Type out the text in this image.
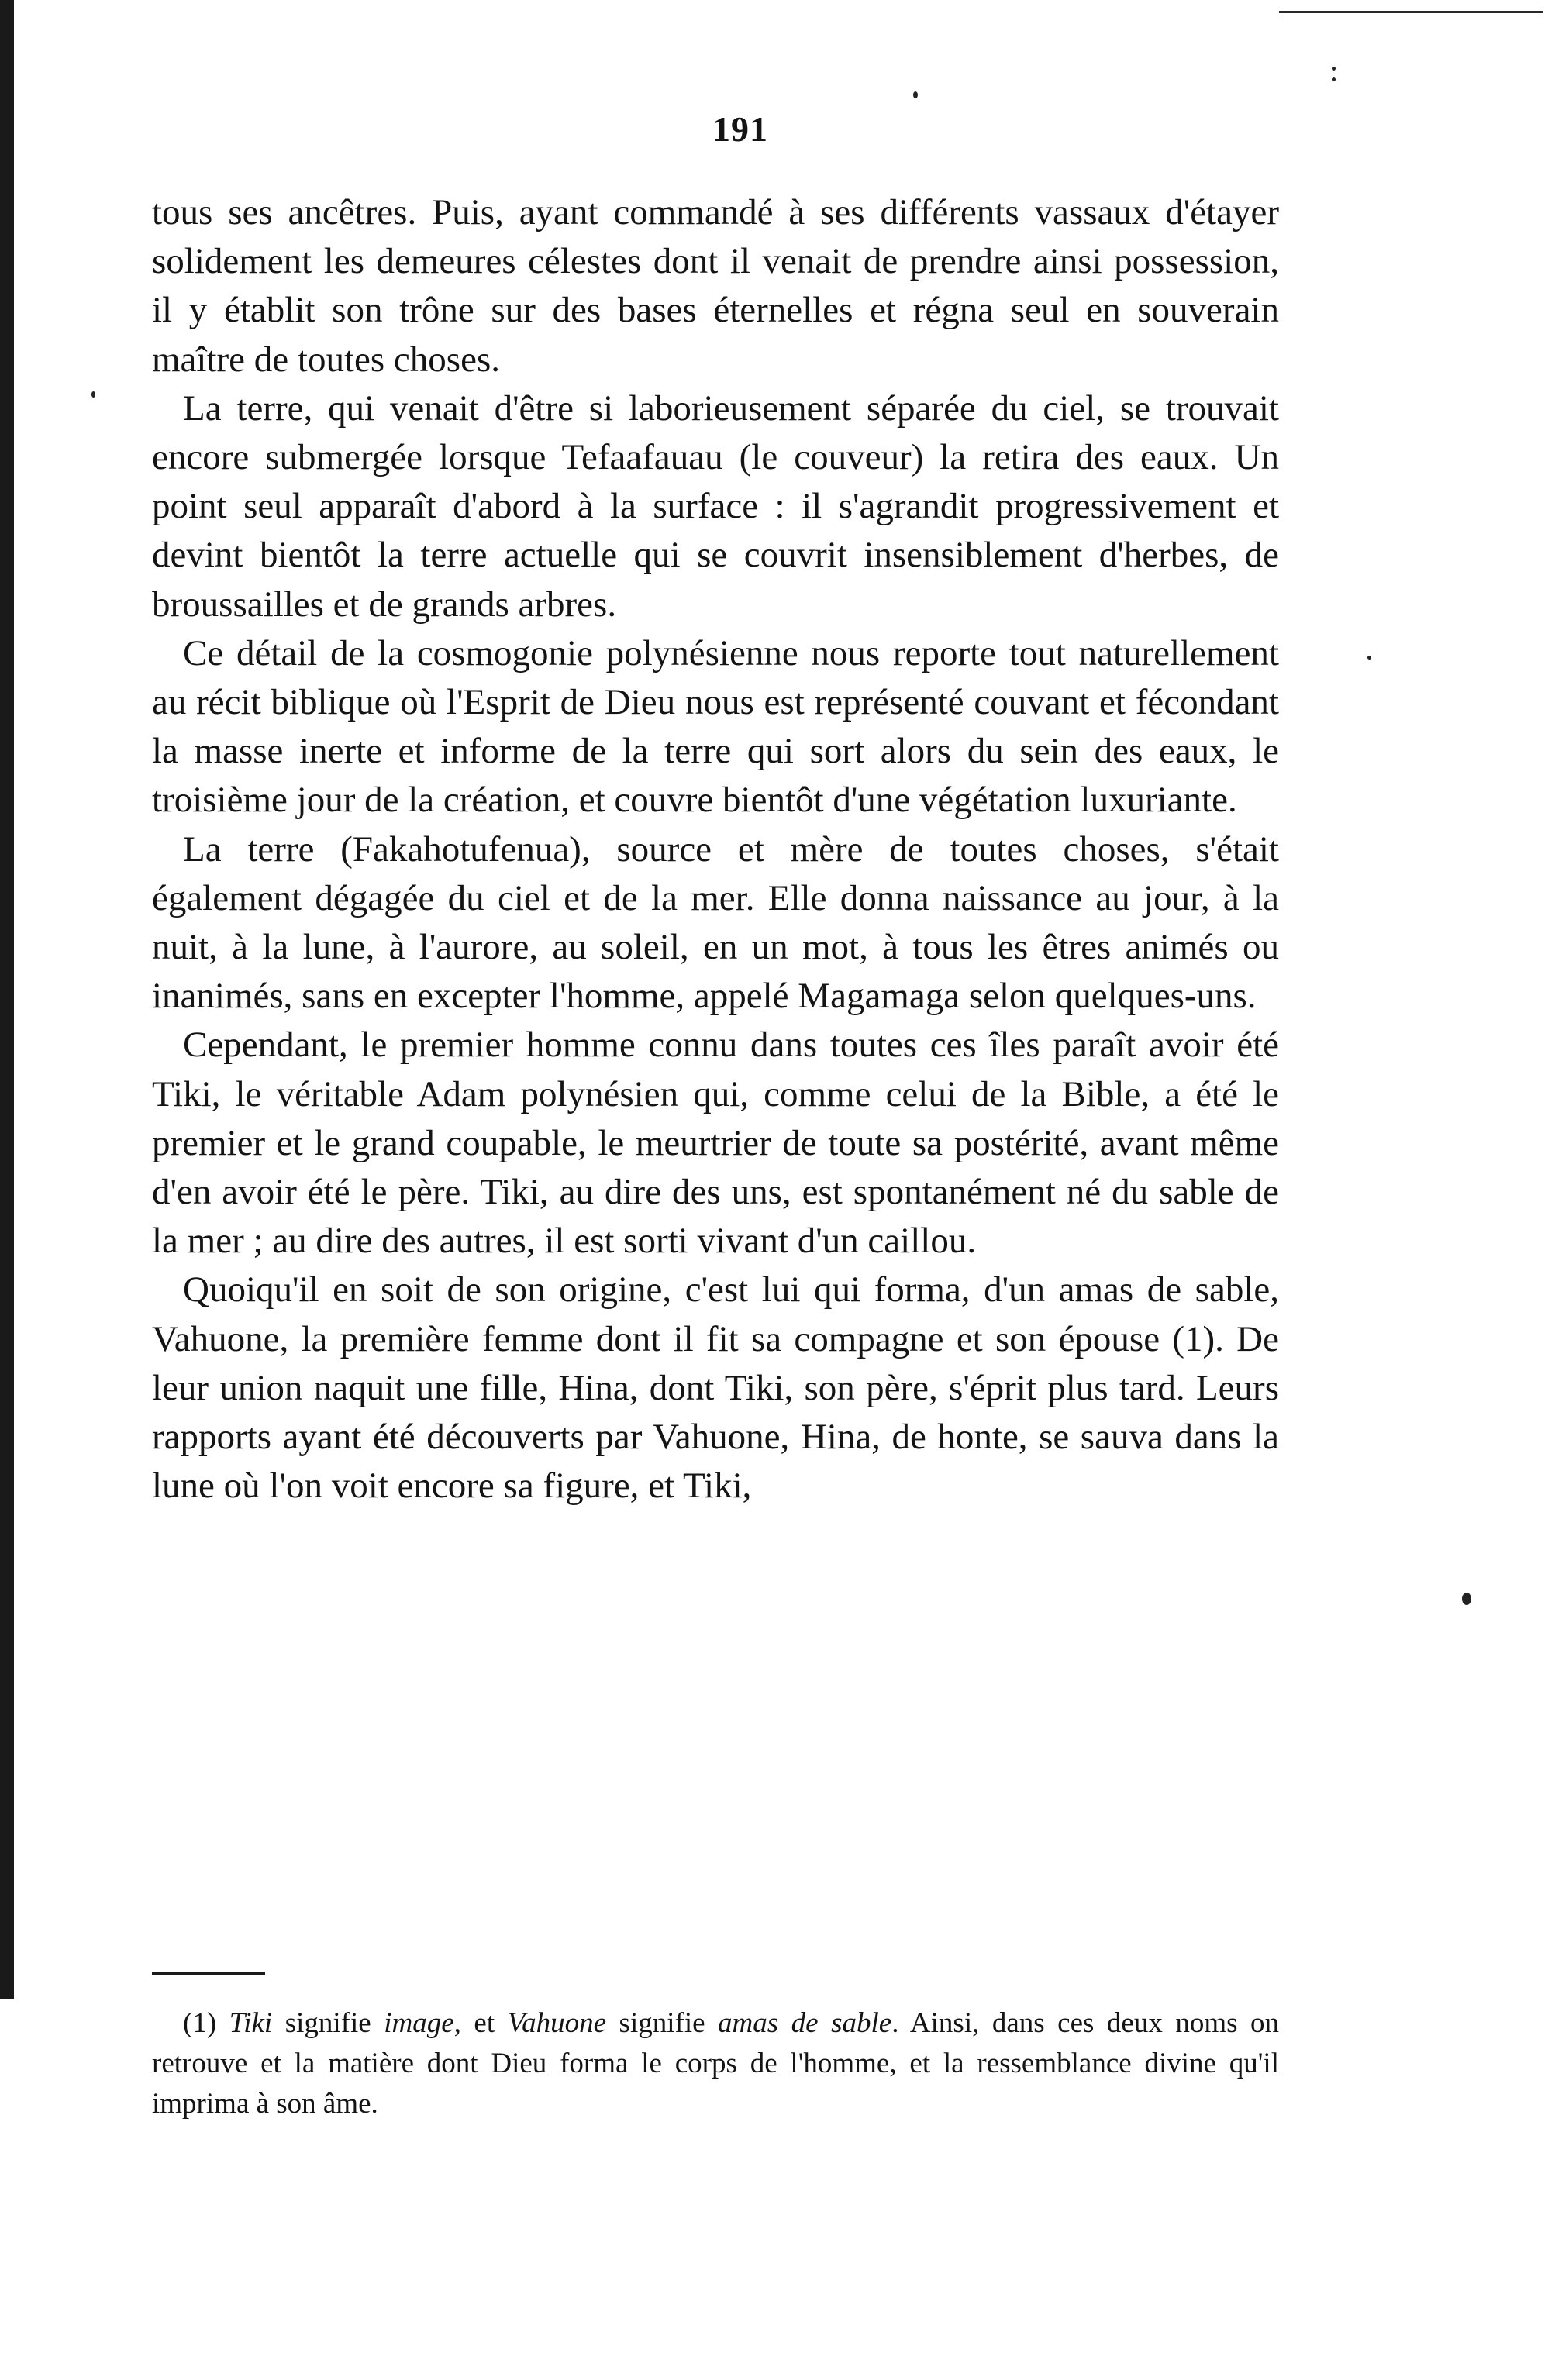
191

tous ses ancêtres. Puis, ayant commandé à ses différents vassaux d'étayer solidement les demeures célestes dont il venait de prendre ainsi possession, il y établit son trône sur des bases éternelles et régna seul en souverain maître de toutes choses.

La terre, qui venait d'être si laborieusement séparée du ciel, se trouvait encore submergée lorsque Tefaafauau (le couveur) la retira des eaux. Un point seul apparaît d'abord à la surface : il s'agrandit progressivement et devint bientôt la terre actuelle qui se couvrit insensiblement d'herbes, de broussailles et de grands arbres.

Ce détail de la cosmogonie polynésienne nous reporte tout naturellement au récit biblique où l'Esprit de Dieu nous est représenté couvant et fécondant la masse inerte et informe de la terre qui sort alors du sein des eaux, le troisième jour de la création, et couvre bientôt d'une végétation luxuriante.

La terre (Fakahotufenua), source et mère de toutes choses, s'était également dégagée du ciel et de la mer. Elle donna naissance au jour, à la nuit, à la lune, à l'aurore, au soleil, en un mot, à tous les êtres animés ou inanimés, sans en excepter l'homme, appelé Magamaga selon quelques-uns.

Cependant, le premier homme connu dans toutes ces îles paraît avoir été Tiki, le véritable Adam polynésien qui, comme celui de la Bible, a été le premier et le grand coupable, le meurtrier de toute sa postérité, avant même d'en avoir été le père. Tiki, au dire des uns, est spontanément né du sable de la mer ; au dire des autres, il est sorti vivant d'un caillou.

Quoiqu'il en soit de son origine, c'est lui qui forma, d'un amas de sable, Vahuone, la première femme dont il fit sa compagne et son épouse (1). De leur union naquit une fille, Hina, dont Tiki, son père, s'éprit plus tard. Leurs rapports ayant été découverts par Vahuone, Hina, de honte, se sauva dans la lune où l'on voit encore sa figure, et Tiki,

(1) Tiki signifie image, et Vahuone signifie amas de sable. Ainsi, dans ces deux noms on retrouve et la matière dont Dieu forma le corps de l'homme, et la ressemblance divine qu'il imprima à son âme.
